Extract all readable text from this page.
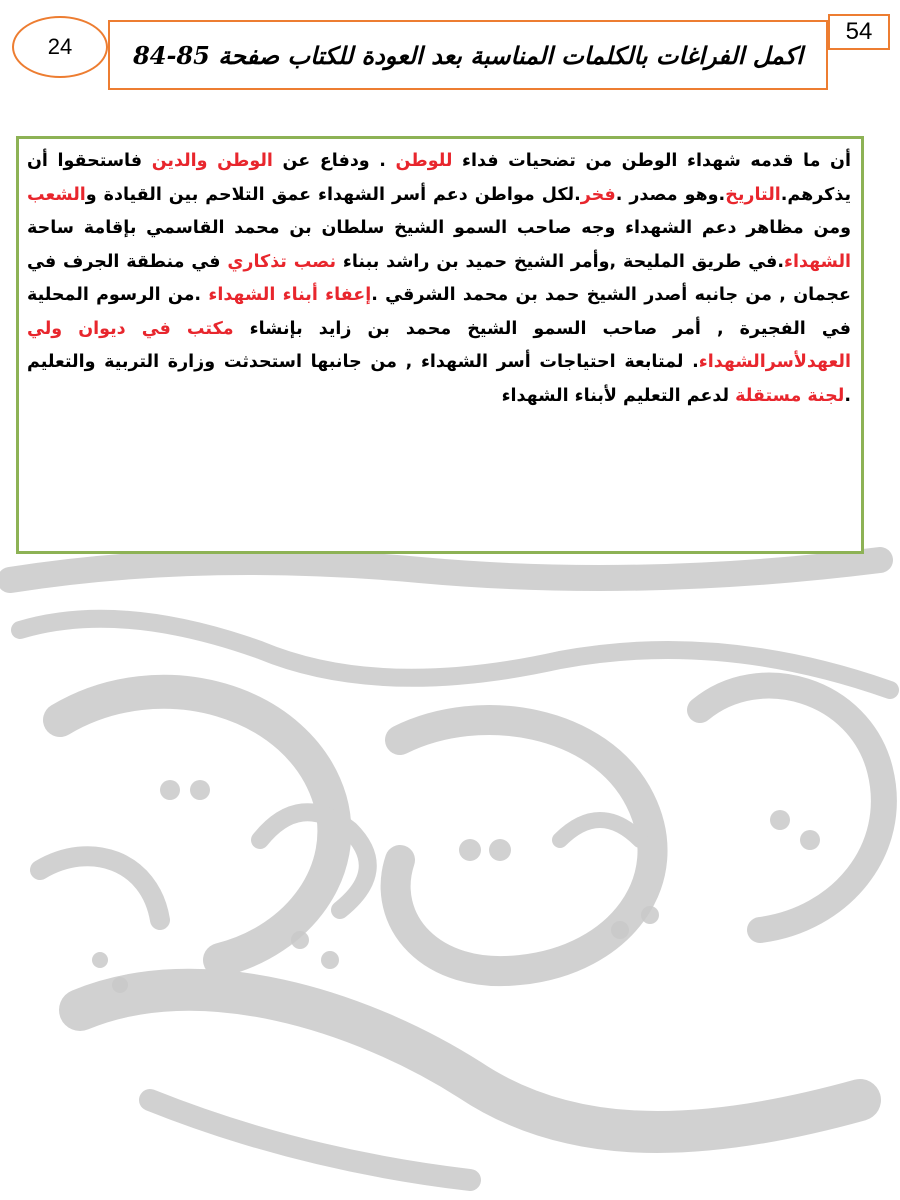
54
اكمل الفراغات بالكلمات المناسبة بعد العودة للكتاب صفحة 85-84
24

أن ما قدمه شهداء الوطن من تضحيات فداء للوطن . ودفاع عن الوطن والدين فاستحقوا أن يذكرهم.التاريخ.وهو مصدر .فخر.لكل مواطن دعم أسر الشهداء عمق التلاحم بين القيادة والشعب ومن مظاهر دعم الشهداء وجه صاحب السمو الشيخ سلطان بن محمد القاسمي بإقامة ساحة الشهداء.في طريق المليحة ,وأمر الشيخ حميد بن راشد ببناء نصب تذكاري في منطقة الجرف في عجمان , من جانبه أصدر الشيخ حمد بن محمد الشرقي .إعفاء أبناء الشهداء .من الرسوم المحلية في الفجيرة , أمر صاحب السمو الشيخ محمد بن زايد بإنشاء مكتب في ديوان ولي العهدلأسرالشهداء. لمتابعة احتياجات أسر الشهداء , من جانبها استحدثت وزارة التربية والتعليم .لجنة مستقلة لدعم التعليم لأبناء الشهداء
